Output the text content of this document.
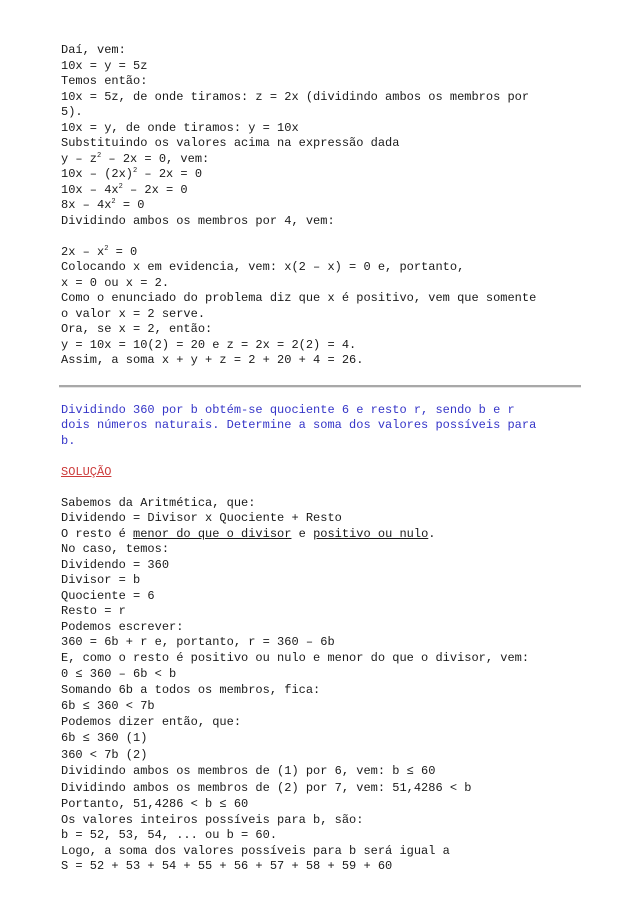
Daí, vem:
10x = y = 5z
Temos então:
10x = 5z, de onde tiramos: z = 2x (dividindo ambos os membros por
5).
10x = y, de onde tiramos: y = 10x
Substituindo os valores acima na expressão dada
$y - z^2 - 2x = 0$, vem:
$10x - (2x)^2 - 2x = 0$
$10x - 4x^2 - 2x = 0$
$8x - 4x^2 = 0$
Dividindo ambos os membros por 4, vem:
$2x - x^2 = 0$
Colocando x em evidencia, vem: x(2 – x) = 0 e, portanto,
x = 0 ou x = 2.
Como o enunciado do problema diz que x é positivo, vem que somente
o valor x = 2 serve.
Ora, se x = 2, então:
y = 10x = 10(2) = 20 e z = 2x = 2(2) = 4.
Assim, a soma x + y + z = 2 + 20 + 4 = 26.
Dividindo 360 por b obtém-se quociente 6 e resto r, sendo b e r
dois números naturais. Determine a soma dos valores possíveis para
b.
SOLUÇÃO
Sabemos da Aritmética, que:
Dividendo = Divisor x Quociente + Resto
O resto é menor do que o divisor e positivo ou nulo.
No caso, temos:
Dividendo = 360
Divisor = b
Quociente = 6
Resto = r
Podemos escrever:
360 = 6b + r e, portanto, r = 360 – 6b
E, como o resto é positivo ou nulo e menor do que o divisor, vem:
0 ≤ 360 – 6b < b
Somando 6b a todos os membros, fica:
6b ≤ 360 < 7b
Podemos dizer então, que:
6b ≤ 360 (1)
360 < 7b (2)
Dividindo ambos os membros de (1) por 6, vem: b ≤ 60
Dividindo ambos os membros de (2) por 7, vem: 51,4286 < b
Portanto, 51,4286 < b ≤ 60
Os valores inteiros possíveis para b, são:
b = 52, 53, 54, ... ou b = 60.
Logo, a soma dos valores possíveis para b será igual a
S = 52 + 53 + 54 + 55 + 56 + 57 + 58 + 59 + 60
